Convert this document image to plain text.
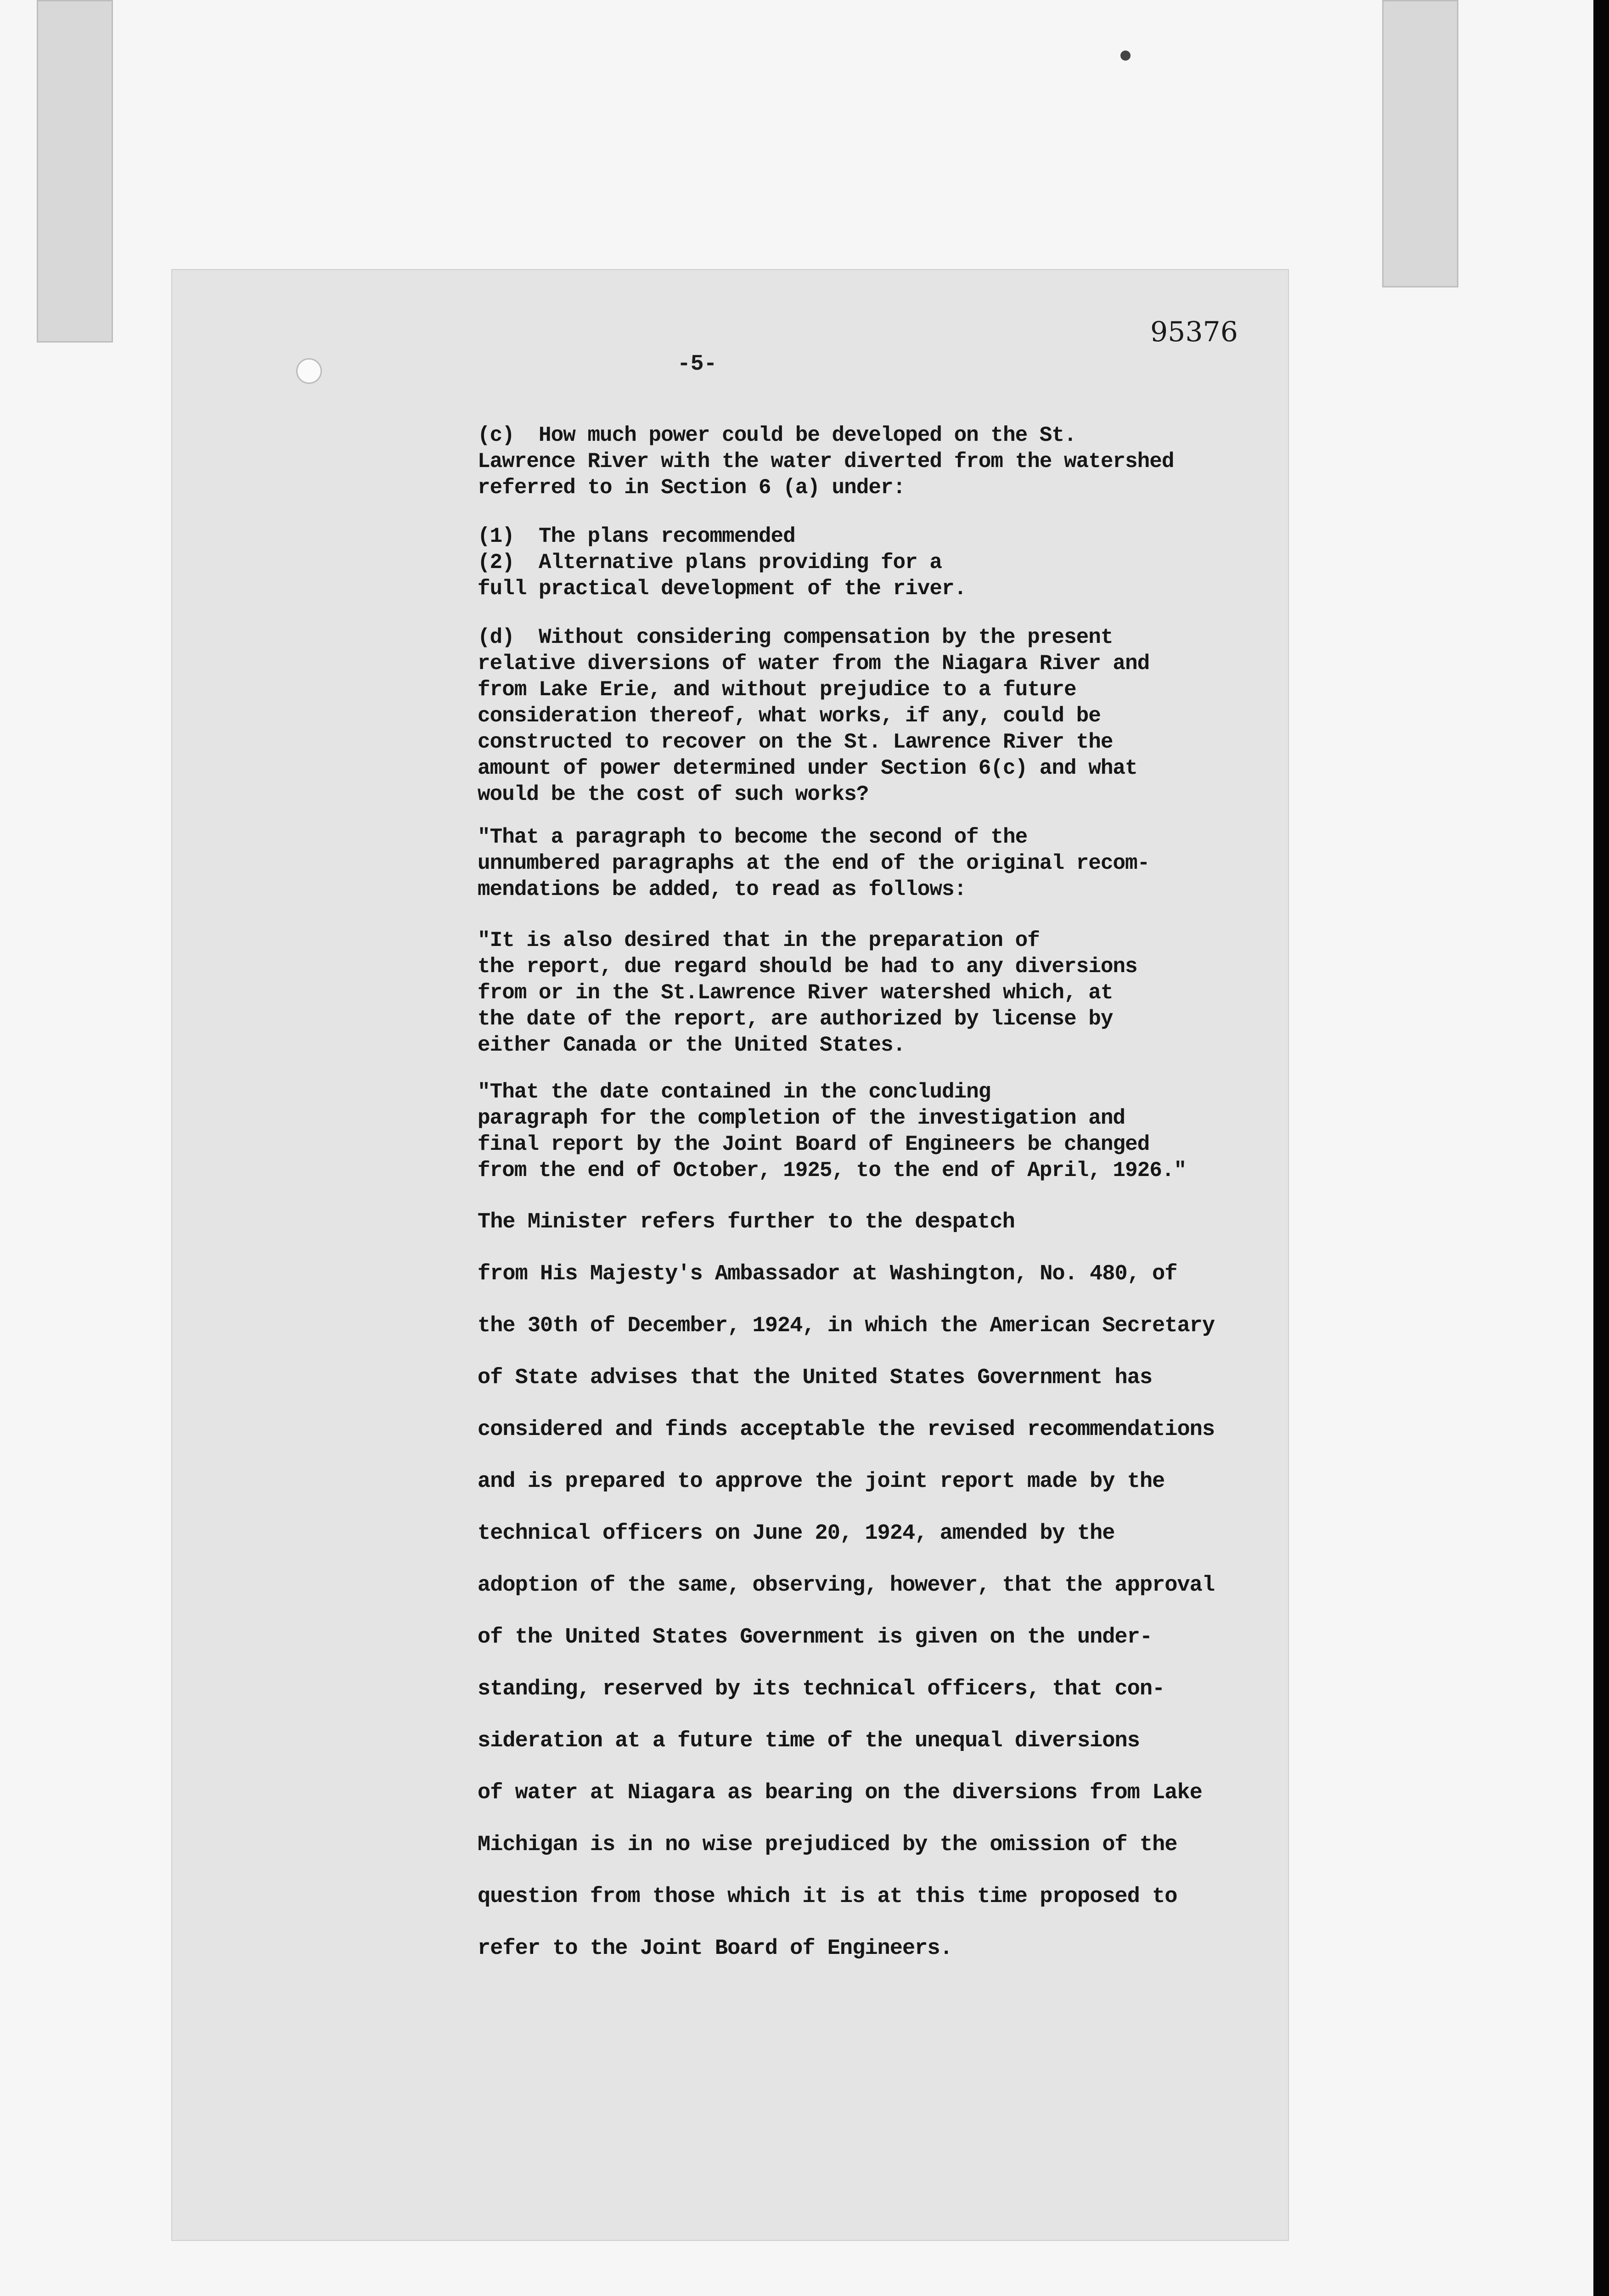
95376
-5-
(c)  How much power could be developed on the St.
Lawrence River with the water diverted from the watershed
referred to in Section 6 (a) under:
(1)  The plans recommended
(2)  Alternative plans providing for a
full practical development of the river.
(d)  Without considering compensation by the present
relative diversions of water from the Niagara River and
from Lake Erie, and without prejudice to a future
consideration thereof, what works, if any, could be
constructed to recover on the St. Lawrence River the
amount of power determined under Section 6(c) and what
would be the cost of such works?
"That a paragraph to become the second of the
unnumbered paragraphs at the end of the original recom-
mendations be added, to read as follows:
"It is also desired that in the preparation of
the report, due regard should be had to any diversions
from or in the St.Lawrence River watershed which, at
the date of the report, are authorized by license by
either Canada or the United States.
"That the date contained in the concluding
paragraph for the completion of the investigation and
final report by the Joint Board of Engineers be changed
from the end of October, 1925, to the end of April, 1926."
The Minister refers further to the despatch
from His Majesty's Ambassador at Washington, No. 480, of
the 30th of December, 1924, in which the American Secretary
of State advises that the United States Government has
considered and finds acceptable the revised recommendations
and is prepared to approve the joint report made by the
technical officers on June 20, 1924, amended by the
adoption of the same, observing, however, that the approval
of the United States Government is given on the under-
standing, reserved by its technical officers, that con-
sideration at a future time of the unequal diversions
of water at Niagara as bearing on the diversions from Lake
Michigan is in no wise prejudiced by the omission of the
question from those which it is at this time proposed to
refer to the Joint Board of Engineers.
